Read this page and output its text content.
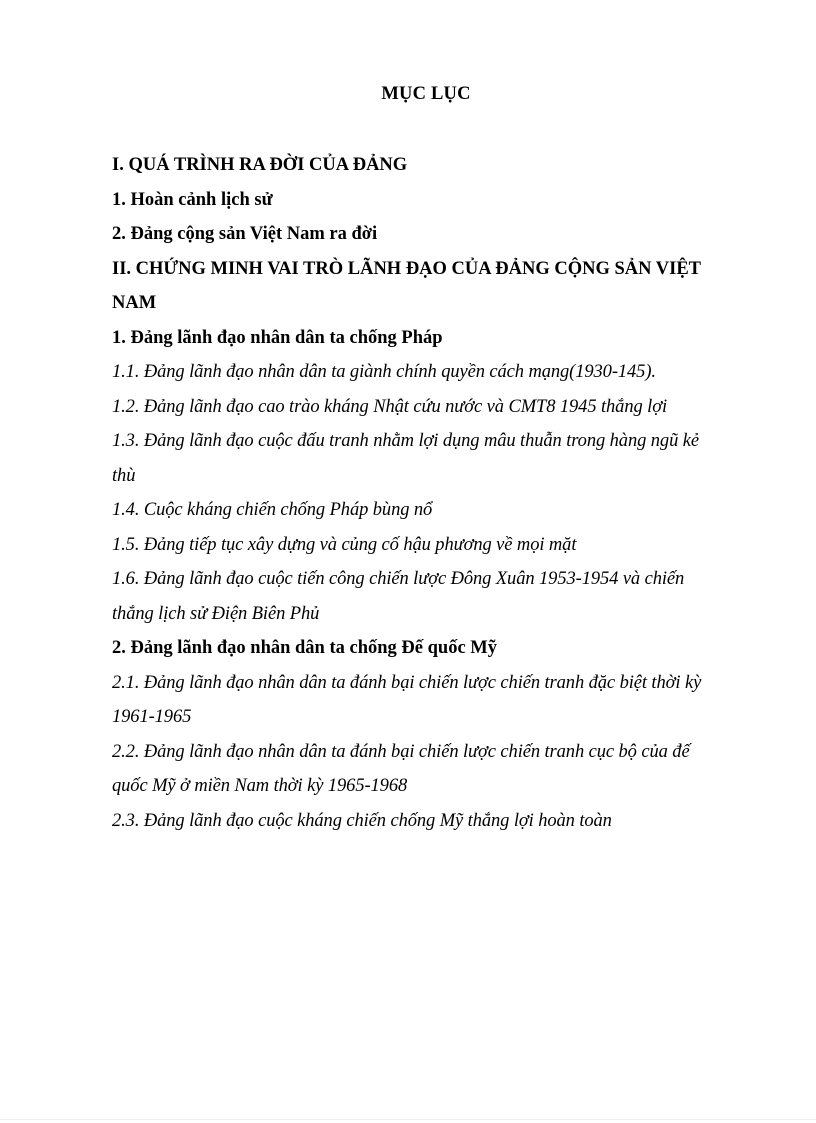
MỤC LỤC
I. QUÁ TRÌNH RA ĐỜI CỦA ĐẢNG
1. Hoàn cảnh lịch sử
2. Đảng cộng sản Việt Nam ra đời
II. CHỨNG MINH VAI TRÒ LÃNH ĐẠO CỦA ĐẢNG CỘNG SẢN VIỆT NAM
1. Đảng lãnh đạo nhân dân ta chống Pháp
1.1. Đảng lãnh đạo nhân dân ta giành chính quyền cách mạng(1930-145).
1.2. Đảng lãnh đạo cao trào kháng Nhật cứu nước và CMT8 1945 thắng lợi
1.3. Đảng lãnh đạo cuộc đấu tranh nhằm lợi dụng mâu thuẫn trong hàng ngũ kẻ thù
1.4. Cuộc kháng chiến chống Pháp bùng nổ
1.5. Đảng tiếp tục xây dựng và củng cố hậu phương về mọi mặt
1.6. Đảng lãnh đạo cuộc tiến công chiến lược Đông Xuân 1953-1954 và chiến thắng lịch sử Điện Biên Phủ
2. Đảng lãnh đạo nhân dân ta chống Đế quốc Mỹ
2.1. Đảng lãnh đạo nhân dân ta đánh bại chiến lược chiến tranh đặc biệt thời kỳ 1961-1965
2.2. Đảng lãnh đạo nhân dân ta đánh bại chiến lược chiến tranh cục bộ của đế quốc Mỹ ở miền Nam thời kỳ 1965-1968
2.3. Đảng lãnh đạo cuộc kháng chiến chống Mỹ thắng lợi hoàn toàn
